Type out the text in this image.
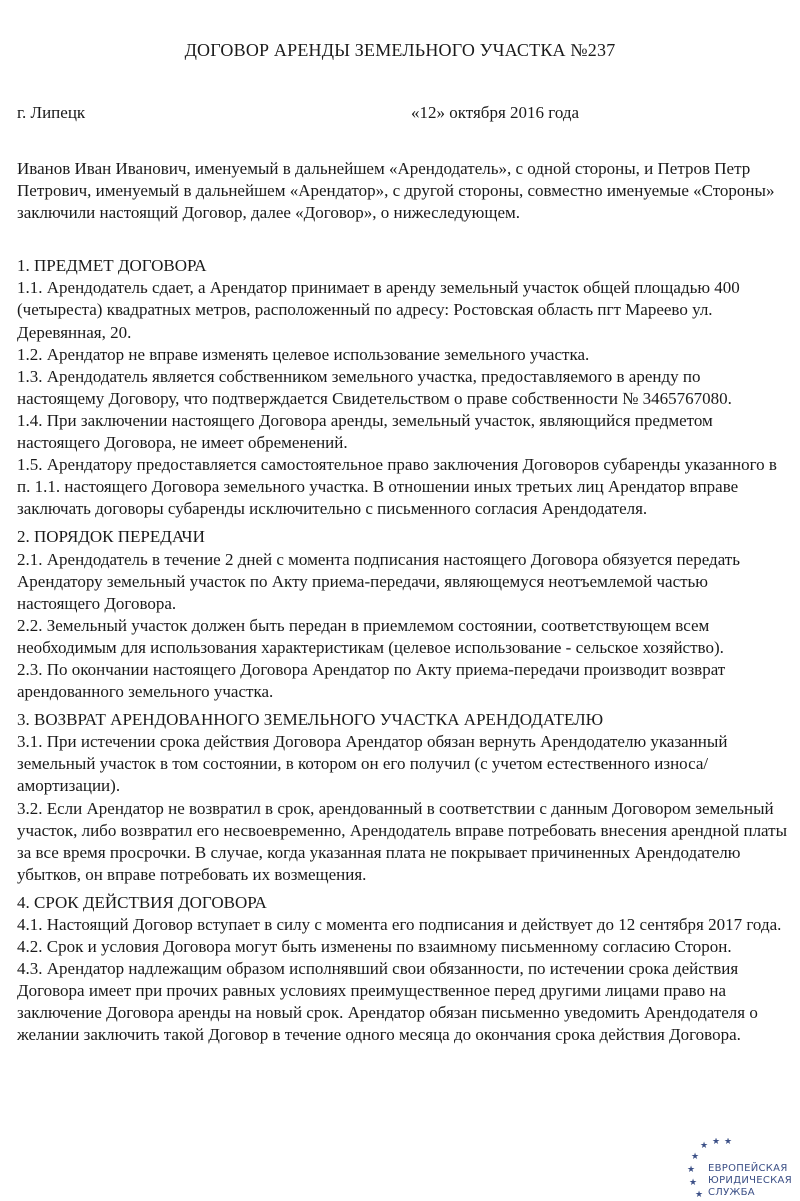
ДОГОВОР АРЕНДЫ ЗЕМЕЛЬНОГО УЧАСТКА №237
г. Липецк	«12» октября 2016 года

Иванов Иван Иванович, именуемый в дальнейшем «Арендодатель», с одной стороны, и Петров Петр Петрович, именуемый в дальнейшем «Арендатор», с другой стороны, совместно именуемые «Стороны» заключили настоящий Договор, далее «Договор», о нижеследующем.

1. ПРЕДМЕТ ДОГОВОРА

1.1. Арендодатель сдает, а Арендатор принимает в аренду земельный участок общей площадью 400 (четыреста) квадратных метров, расположенный по адресу: Ростовская область пгт Мареево ул. Деревянная, 20.

1.2. Арендатор не вправе изменять целевое использование земельного участка.

1.3. Арендодатель является собственником земельного участка, предоставляемого в аренду по настоящему Договору, что подтверждается Свидетельством о праве собственности № 3465767080.

1.4. При заключении настоящего Договора аренды, земельный участок, являющийся предметом настоящего Договора, не имеет обременений.

1.5. Арендатору предоставляется самостоятельное право заключения Договоров субаренды указанного в п. 1.1. настоящего Договора земельного участка. В отношении иных третьих лиц Арендатор вправе заключать договоры субаренды исключительно с письменного согласия Арендодателя.

2. ПОРЯДОК ПЕРЕДАЧИ

2.1. Арендодатель в течение 2 дней с момента подписания настоящего Договора обязуется передать Арендатору земельный участок по Акту приема-передачи, являющемуся неотъемлемой частью настоящего Договора.

2.2. Земельный участок должен быть передан в приемлемом состоянии, соответствующем всем необходимым для использования характеристикам (целевое использование - сельское хозяйство).

2.3. По окончании настоящего Договора Арендатор по Акту приема-передачи производит возврат арендованного земельного участка.

3. ВОЗВРАТ АРЕНДОВАННОГО ЗЕМЕЛЬНОГО УЧАСТКА АРЕНДОДАТЕЛЮ

3.1. При истечении срока действия Договора Арендатор обязан вернуть Арендодателю указанный земельный участок в том состоянии, в котором он его получил (с учетом естественного износа/амортизации).

3.2. Если Арендатор не возвратил в срок, арендованный в соответствии с данным Договором земельный участок, либо возвратил его несвоевременно, Арендодатель вправе потребовать внесения арендной платы за все время просрочки. В случае, когда указанная плата не покрывает причиненных Арендодателю убытков, он вправе потребовать их возмещения.

4. СРОК ДЕЙСТВИЯ ДОГОВОРА

4.1. Настоящий Договор вступает в силу с момента его подписания и действует до 12 сентября 2017 года.

4.2. Срок и условия Договора могут быть изменены по взаимному письменному согласию Сторон.

4.3. Арендатор надлежащим образом исполнявший свои обязанности, по истечении срока действия Договора имеет при прочих равных условиях преимущественное перед другими лицами право на заключение Договора аренды на новый срок. Арендатор обязан письменно уведомить Арендодателя о желании заключить такой Договор в течение одного месяца до окончания срока действия Договора.

★ ★ ★
★
★
★
★
ЕВРОПЕЙСКАЯ
ЮРИДИЧЕСКАЯ
СЛУЖБА
